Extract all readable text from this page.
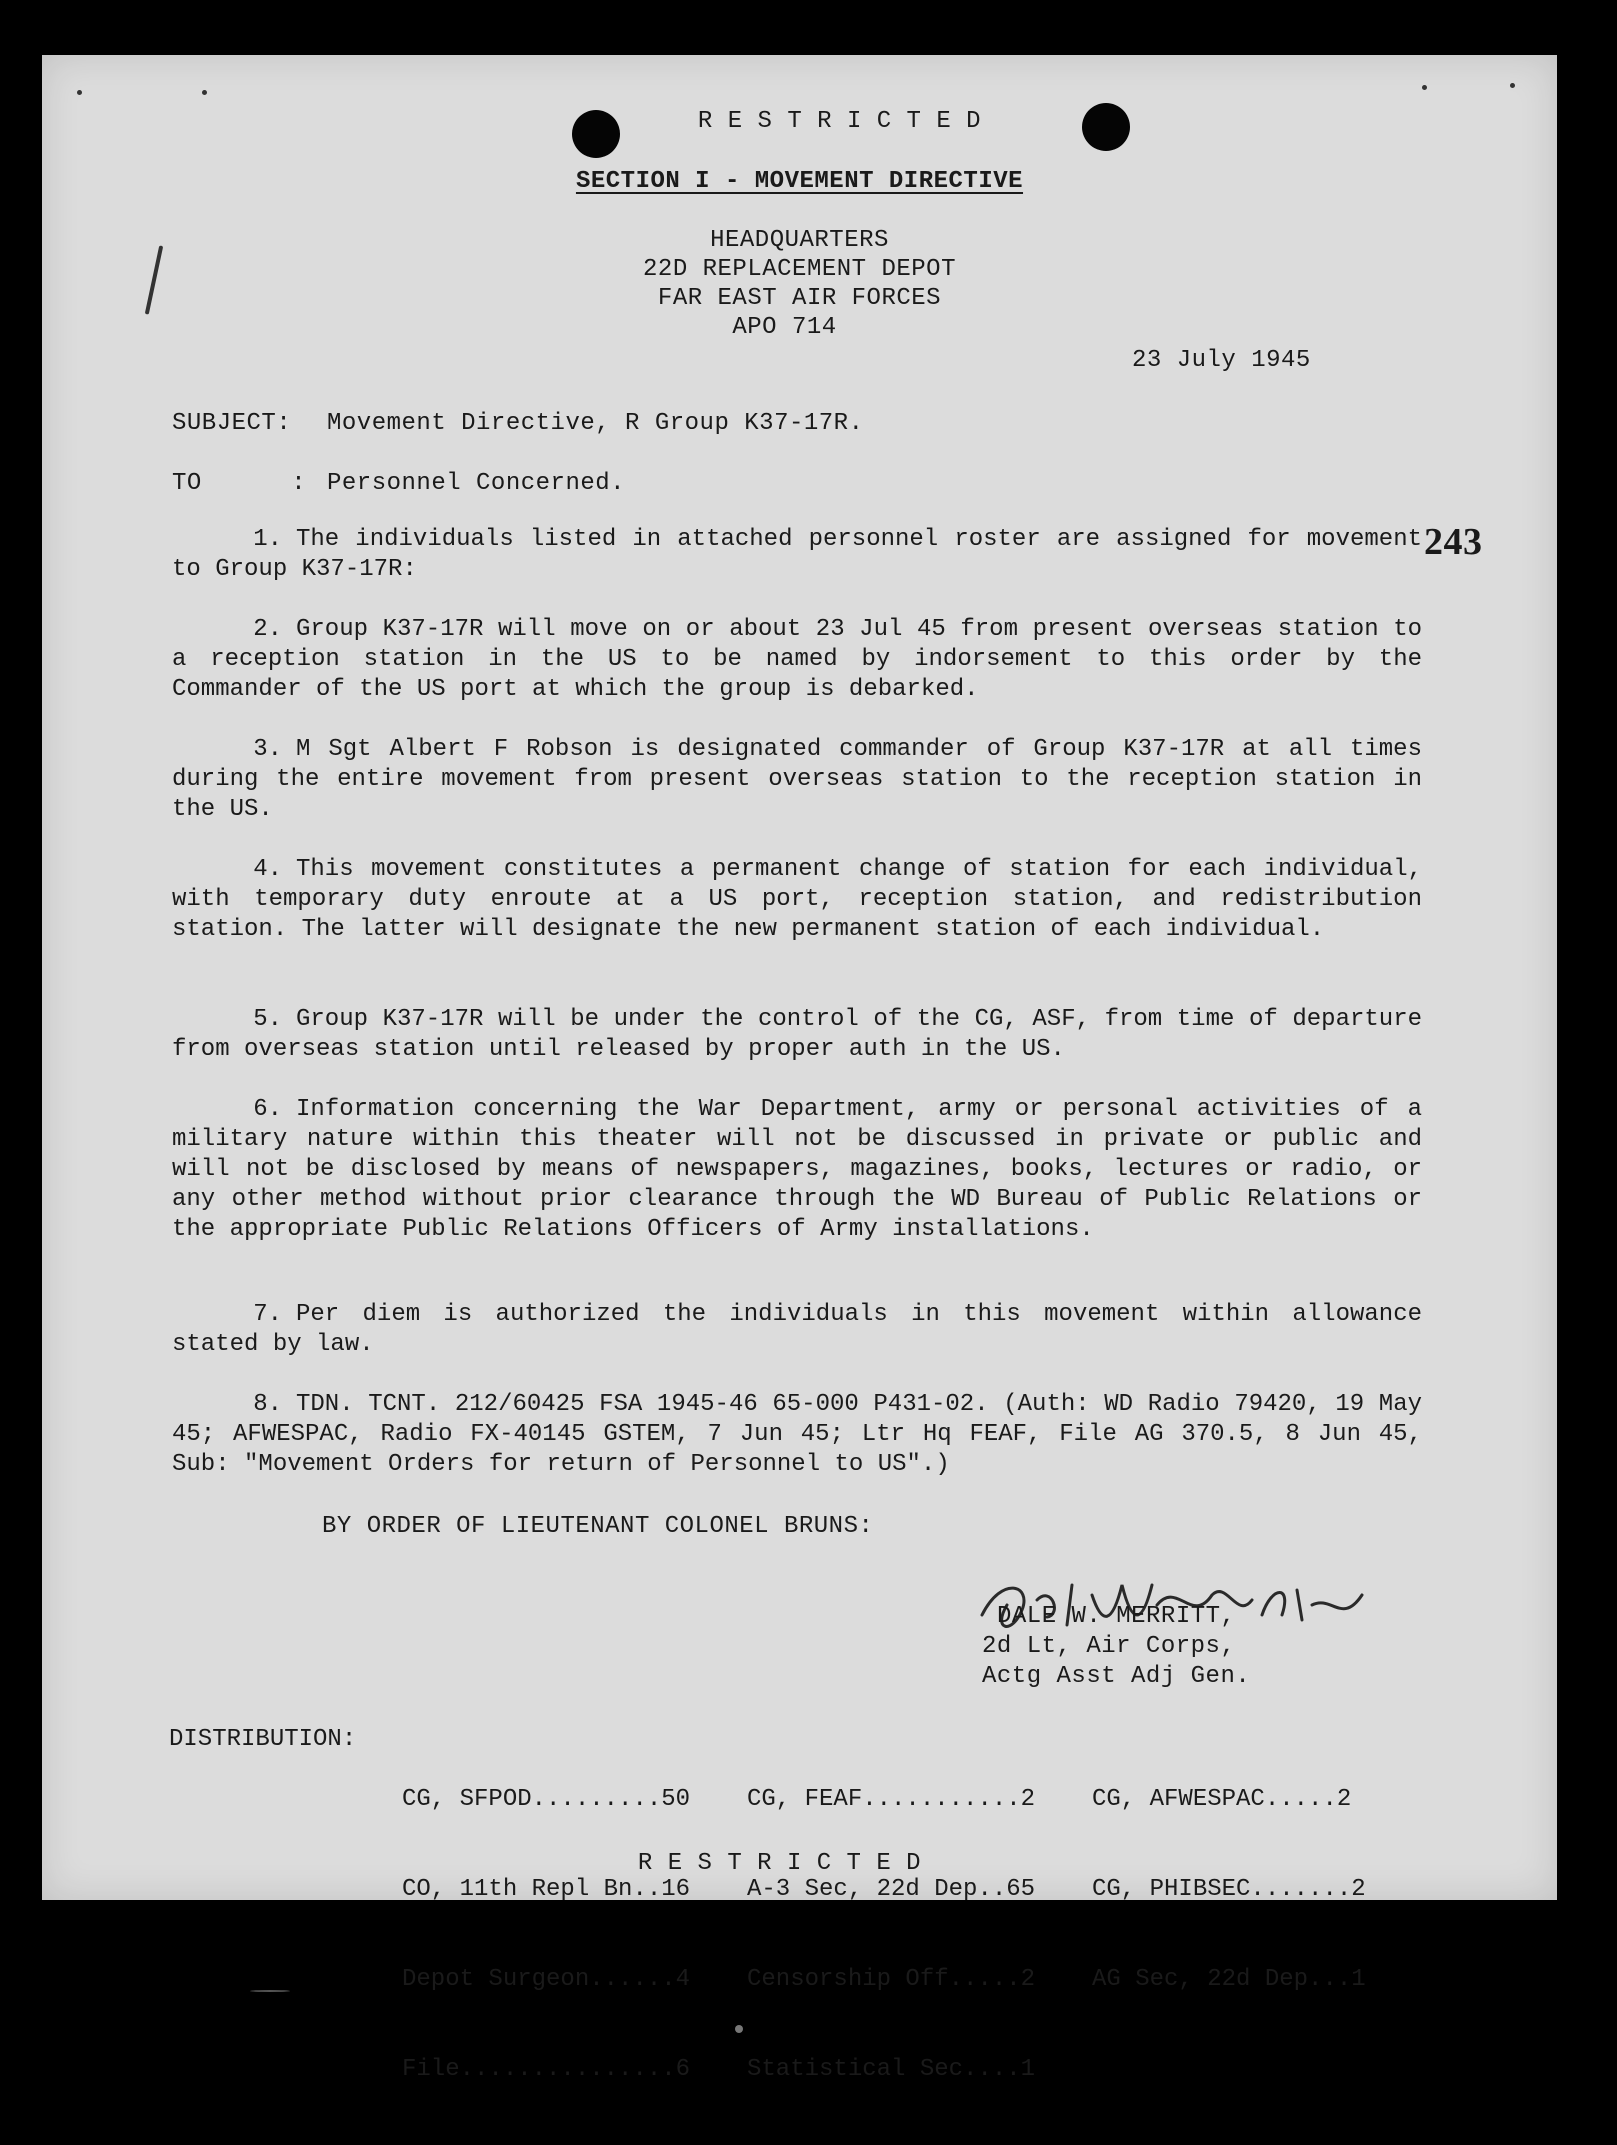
R E S T R I C T E D
SECTION I - MOVEMENT DIRECTIVE
HEADQUARTERS
22D REPLACEMENT DEPOT
FAR EAST AIR FORCES
APO 714
23 July 1945
243
SUBJECT: Movement Directive, R Group K37-17R.
TO      : Personnel Concerned.
1. The individuals listed in attached personnel roster are assigned for movement to Group K37-17R:
2. Group K37-17R will move on or about 23 Jul 45 from present overseas station to a reception station in the US to be named by indorsement to this order by the Commander of the US port at which the group is debarked.
3. M Sgt Albert F Robson is designated commander of Group K37-17R at all times during the entire movement from present overseas station to the reception station in the US.
4. This movement constitutes a permanent change of station for each individual, with temporary duty enroute at a US port, reception station, and redistribution station. The latter will designate the new permanent station of each individual.
5. Group K37-17R will be under the control of the CG, ASF, from time of departure from overseas station until released by proper auth in the US.
6. Information concerning the War Department, army or personal activities of a military nature within this theater will not be discussed in private or public and will not be disclosed by means of newspapers, magazines, books, lectures or radio, or any other method without prior clearance through the WD Bureau of Public Relations or the appropriate Public Relations Officers of Army installations.
7. Per diem is authorized the individuals in this movement within allowance stated by law.
8. TDN. TCNT. 212/60425 FSA 1945-46 65-000 P431-02. (Auth: WD Radio 79420, 19 May 45; AFWESPAC, Radio FX-40145 GSTEM, 7 Jun 45; Ltr Hq FEAF, File AG 370.5, 8 Jun 45, Sub: "Movement Orders for return of Personnel to US".)
BY ORDER OF LIEUTENANT COLONEL BRUNS:
DALE W. MERRITT,
2d Lt, Air Corps,
Actg Asst Adj Gen.
DISTRIBUTION:

CG, SFPOD.........50

CO, 11th Repl Bn..16

Depot Surgeon......4

File...............6

CG, FEAF...........2

A-3 Sec, 22d Dep..65

Censorship Off.....2

Statistical Sec....1

CG, AFWESPAC.....2

CG, PHIBSEC.......2

AG Sec, 22d Dep...1

R E S T R I C T E D
